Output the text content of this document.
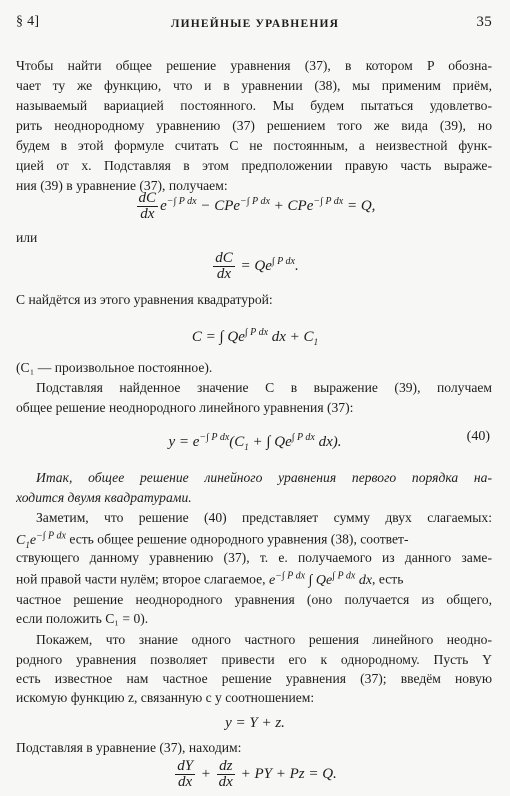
§ 4]	ЛИНЕЙНЫЕ УРАВНЕНИЯ	35
Чтобы найти общее решение уравнения (37), в котором P обозна-
чает ту же функцию, что и в уравнении (38), мы применим приём,
называемый вариацией постоянного. Мы будем пытаться удовлетво-
рить неоднородному уравнению (37) решением того же вида (39), но
будем в этой формуле считать C не постоянным, а неизвестной функ-
цией от x. Подставляя в этом предположении правую часть выраже-
ния (39) в уравнение (37), получаем:
$\frac{dC}{dx} e^{-\int P dx} - CPe^{-\int P dx} + CPe^{-\int P dx} = Q$,
или
$\frac{dC}{dx} = Qe^{\int P dx}$.
C найдётся из этого уравнения квадратурой:
C = ∫ $Qe^{\int P dx}$ dx + $C_1$
(C₁ — произвольное постоянное).
Подставляя найденное значение C в выражение (39), получаем
общее решение неоднородного линейного уравнения (37):
$y = e^{-\int P dx}(C_1$ + ∫ $Qe^{\int P dx}$ dx).	(40)
Итак, общее решение линейного уравнения первого порядка на-
ходится двумя квадратурами.
Заметим, что решение (40) представляет сумму двух слагаемых:
$C_1e^{-\int P dx}$ есть общее решение однородного уравнения (38), соответ-
ствующего данному уравнению (37), т. е. получаемого из данного заме-
ной правой части нулём; второе слагаемое, $e^{-\int P dx}$ ∫ $Qe^{\int P dx}$ dx, есть
частное решение неоднородного уравнения (оно получается из общего,
если положить C₁ = 0).
Покажем, что знание одного частного решения линейного неодно-
родного уравнения позволяет привести его к однородному. Пусть Y
есть известное нам частное решение уравнения (37); введём новую
искомую функцию z, связанную с y соотношением:
y = Y + z.
Подставляя в уравнение (37), находим:
$\frac{dY}{dx} + \frac{dz}{dx}$ + PY + Pz = Q.
